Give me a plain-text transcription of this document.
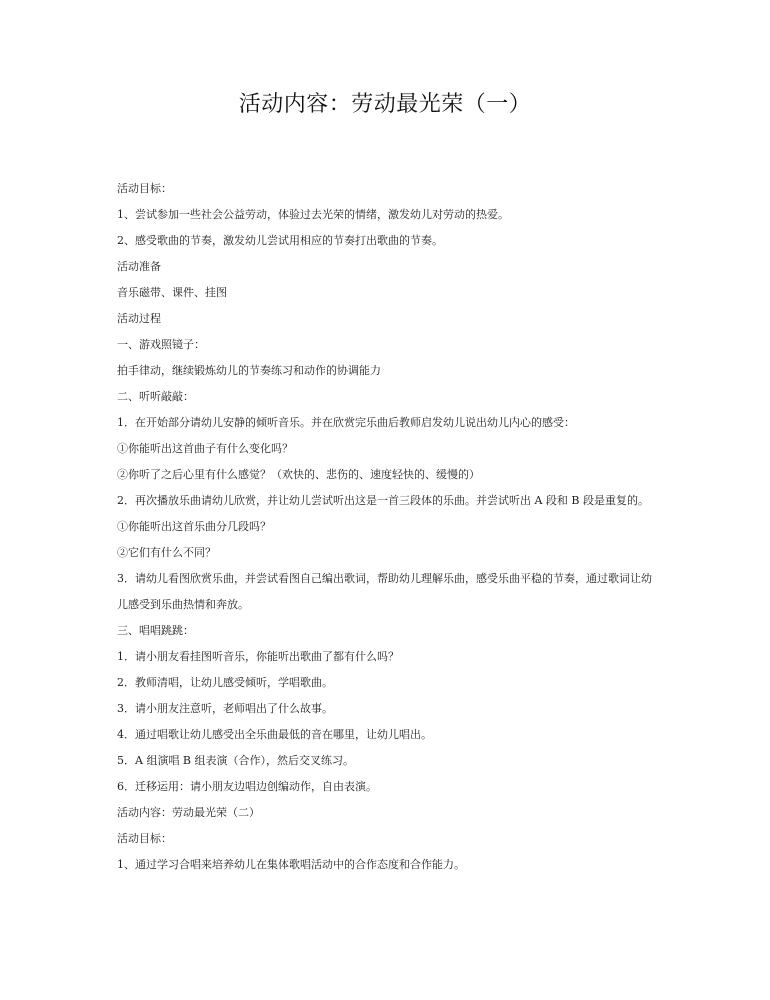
活动内容：劳动最光荣（一）

活动目标：

1、尝试参加一些社会公益劳动，体验过去光荣的情绪，激发幼儿对劳动的热爱。

2、感受歌曲的节奏，激发幼儿尝试用相应的节奏打出歌曲的节奏。

活动准备

音乐磁带、课件、挂图

活动过程

一、游戏照镜子：

拍手律动，继续锻炼幼儿的节奏练习和动作的协调能力

二、听听敲敲：

1．在开始部分请幼儿安静的倾听音乐。并在欣赏完乐曲后教师启发幼儿说出幼儿内心的感受：

①你能听出这首曲子有什么变化吗？

②你听了之后心里有什么感觉？（欢快的、悲伤的、速度轻快的、缓慢的）

2．再次播放乐曲请幼儿欣赏，并让幼儿尝试听出这是一首三段体的乐曲。并尝试听出 A 段和 B 段是重复的。

①你能听出这首乐曲分几段吗？

②它们有什么不同？

3．请幼儿看图欣赏乐曲，并尝试看图自己编出歌词，帮助幼儿理解乐曲，感受乐曲平稳的节奏，通过歌词让幼儿感受到乐曲热情和奔放。

三、唱唱跳跳：

1．请小朋友看挂图听音乐，你能听出歌曲了都有什么吗？

2．教师清唱，让幼儿感受倾听，学唱歌曲。

3．请小朋友注意听，老师唱出了什么故事。

4．通过唱歌让幼儿感受出全乐曲最低的音在哪里，让幼儿唱出。

5．A 组演唱 B 组表演（合作），然后交叉练习。

6．迁移运用：请小朋友边唱边创编动作，自由表演。

活动内容：劳动最光荣（二）

活动目标：

1、通过学习合唱来培养幼儿在集体歌唱活动中的合作态度和合作能力。
